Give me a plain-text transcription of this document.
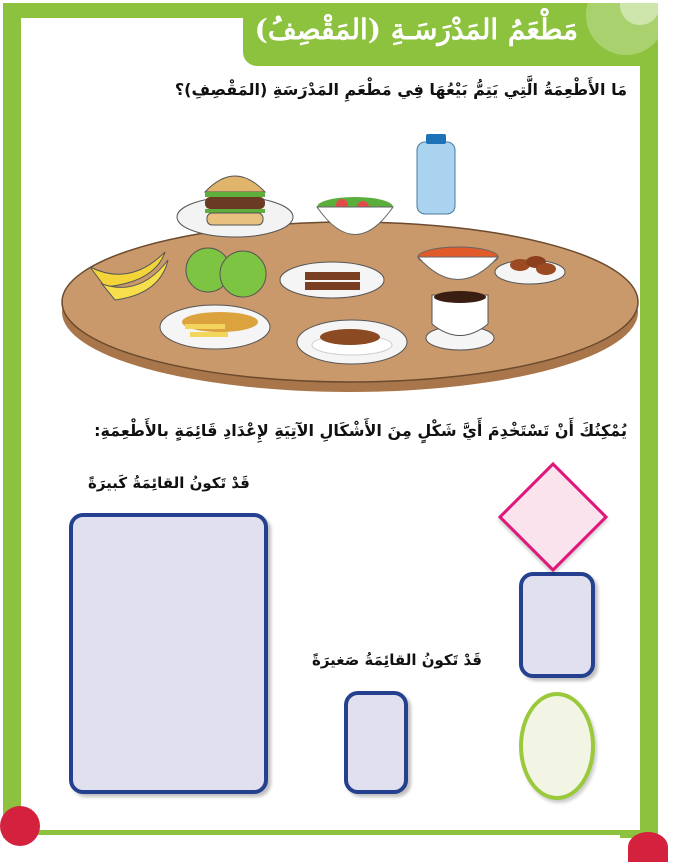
مَطْعَمُ المَدْرَسَـةِ (المَقْصِفُ)
مَا الأَطْعِمَةُ الَّتِي يَتِمُّ بَيْعُهَا فِي مَطْعَمِ المَدْرَسَةِ (المَقْصِفِ)؟
يُمْكِنُكَ أَنْ تَسْتَخْدِمَ أَيَّ شَكْلٍ مِنَ الأَشْكَالِ الآتِيَةِ لإِعْدَادِ قَائِمَةٍ بالأَطْعِمَةِ:
قَدْ تَكونُ القائِمَةُ كَبيرَةً
قَدْ تَكونُ القائِمَةُ صَغيرَةً
